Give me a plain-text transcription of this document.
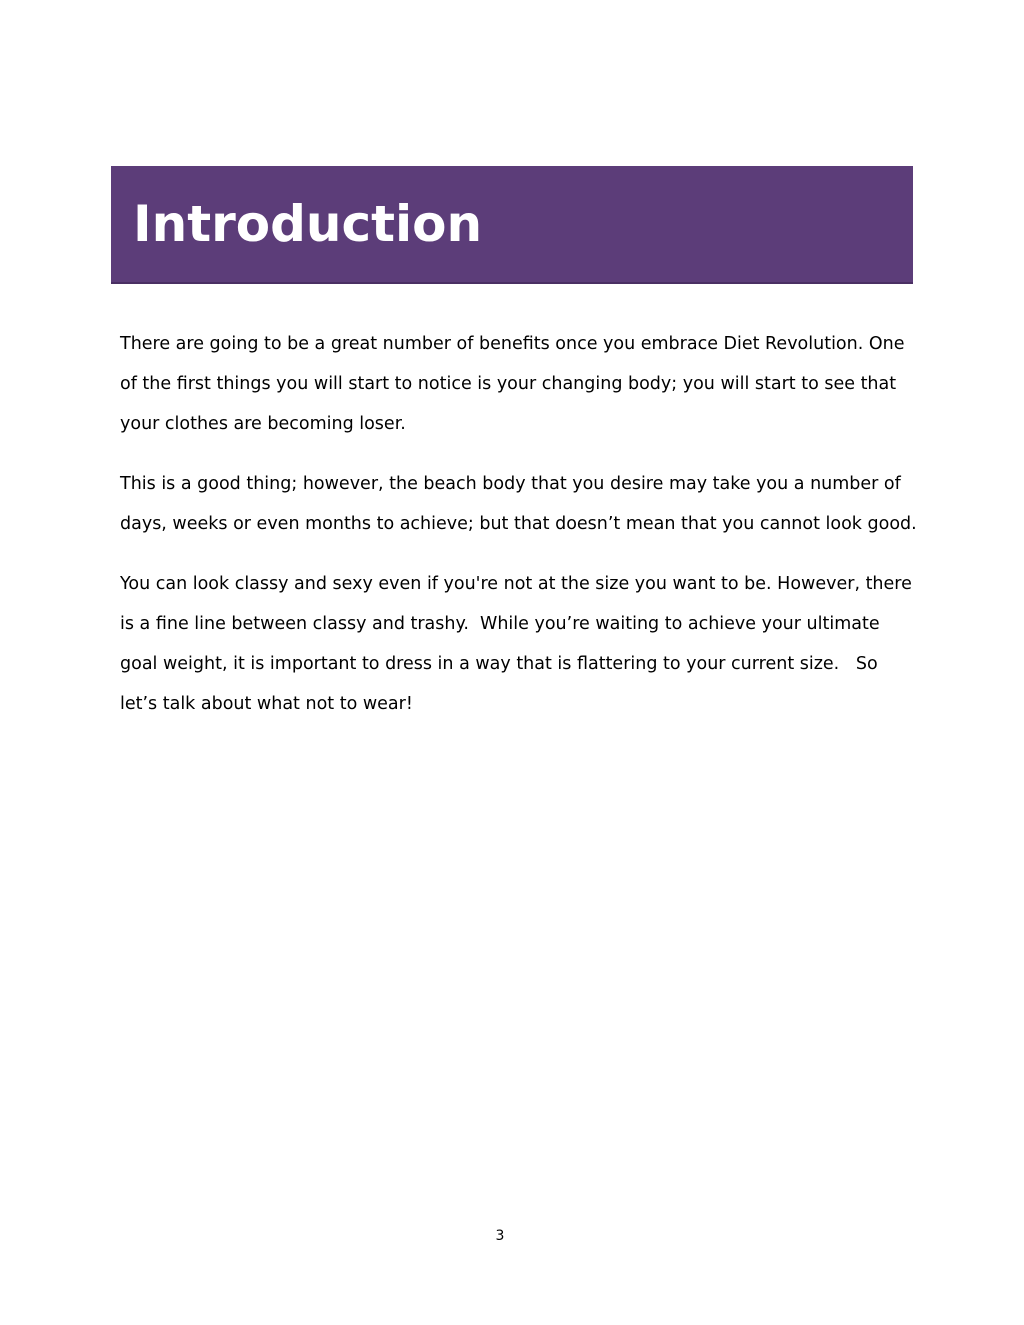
Introduction

There are going to be a great number of benefits once you embrace Diet Revolution. One of the first things you will start to notice is your changing body; you will start to see that your clothes are becoming loser.

This is a good thing; however, the beach body that you desire may take you a number of days, weeks or even months to achieve; but that doesn’t mean that you cannot look good.

You can look classy and sexy even if you're not at the size you want to be. However, there is a fine line between classy and trashy.  While you’re waiting to achieve your ultimate goal weight, it is important to dress in a way that is flattering to your current size.   So let’s talk about what not to wear!

3
